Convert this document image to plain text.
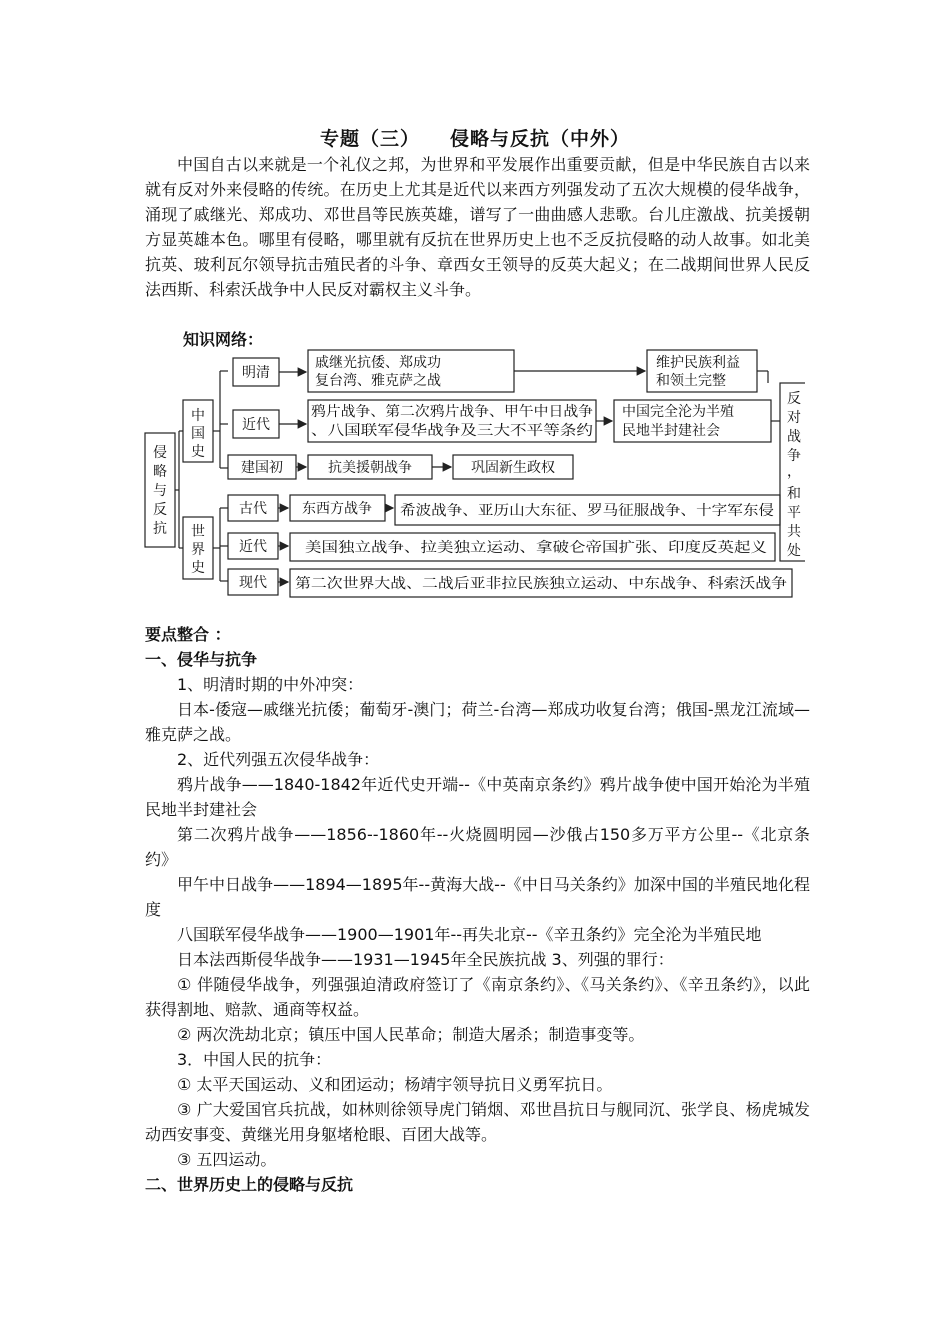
专题（三） 侵略与反抗（中外）

中国自古以来就是一个礼仪之邦，为世界和平发展作出重要贡献，但是中华民族自古以来就有反对外来侵略的传统。在历史上尤其是近代以来西方列强发动了五次大规模的侵华战争，涌现了戚继光、郑成功、邓世昌等民族英雄，谱写了一曲曲感人悲歌。台儿庄激战、抗美援朝方显英雄本色。哪里有侵略，哪里就有反抗在世界历史上也不乏反抗侵略的动人故事。如北美抗英、玻利瓦尔领导抗击殖民者的斗争、章西女王领导的反英大起义；在二战期间世界人民反法西斯、科索沃战争中人民反对霸权主义斗争。

知识网络：
侵
略
与
反
抗
中
国
史
世
界
史
反
对
战
争
，
和
平
共
处
明清
戚继光抗倭、郑成功
复台湾、雅克萨之战
维护民族利益
和领土完整
近代
鸦片战争、第二次鸦片战争、甲午中日战争
、八国联军侵华战争及三大不平等条约
中国完全沦为半殖
民地半封建社会
建国初	抗美援朝战争	巩固新生政权
古代	东西方战争 希波战争、亚历山大东征、罗马征服战争、十字军东侵
近代	美国独立战争、拉美独立运动、拿破仑帝国扩张、印度反英起义
现代 第二次世界大战、二战后亚非拉民族独立运动、中东战争、科索沃战争

要点整合 ：

一、侵华与抗争

1、明清时期的中外冲突：

日本-倭寇—戚继光抗倭；葡萄牙-澳门；荷兰-台湾—郑成功收复台湾；俄国-黑龙江流域—雅克萨之战。

2、近代列强五次侵华战争：

鸦片战争——1840-1842年近代史开端--《中英南京条约》鸦片战争使中国开始沦为半殖民地半封建社会

第二次鸦片战争——1856--1860年--火烧圆明园—沙俄占150多万平方公里--《北京条约》

甲午中日战争——1894—1895年--黄海大战--《中日马关条约》加深中国的半殖民地化程度

八国联军侵华战争——1900—1901年--再失北京--《辛丑条约》完全沦为半殖民地

日本法西斯侵华战争——1931—1945年全民族抗战 3、列强的罪行：

① 伴随侵华战争，列强强迫清政府签订了《南京条约》、《马关条约》、《辛丑条约》，以此获得割地、赔款、通商等权益。

② 两次洗劫北京；镇压中国人民革命；制造大屠杀；制造事变等。

3．中国人民的抗争：

① 太平天国运动、义和团运动；杨靖宇领导抗日义勇军抗日。

③ 广大爱国官兵抗战，如林则徐领导虎门销烟、邓世昌抗日与舰同沉、张学良、杨虎城发动西安事变、黄继光用身躯堵枪眼、百团大战等。

③ 五四运动。

二、世界历史上的侵略与反抗
